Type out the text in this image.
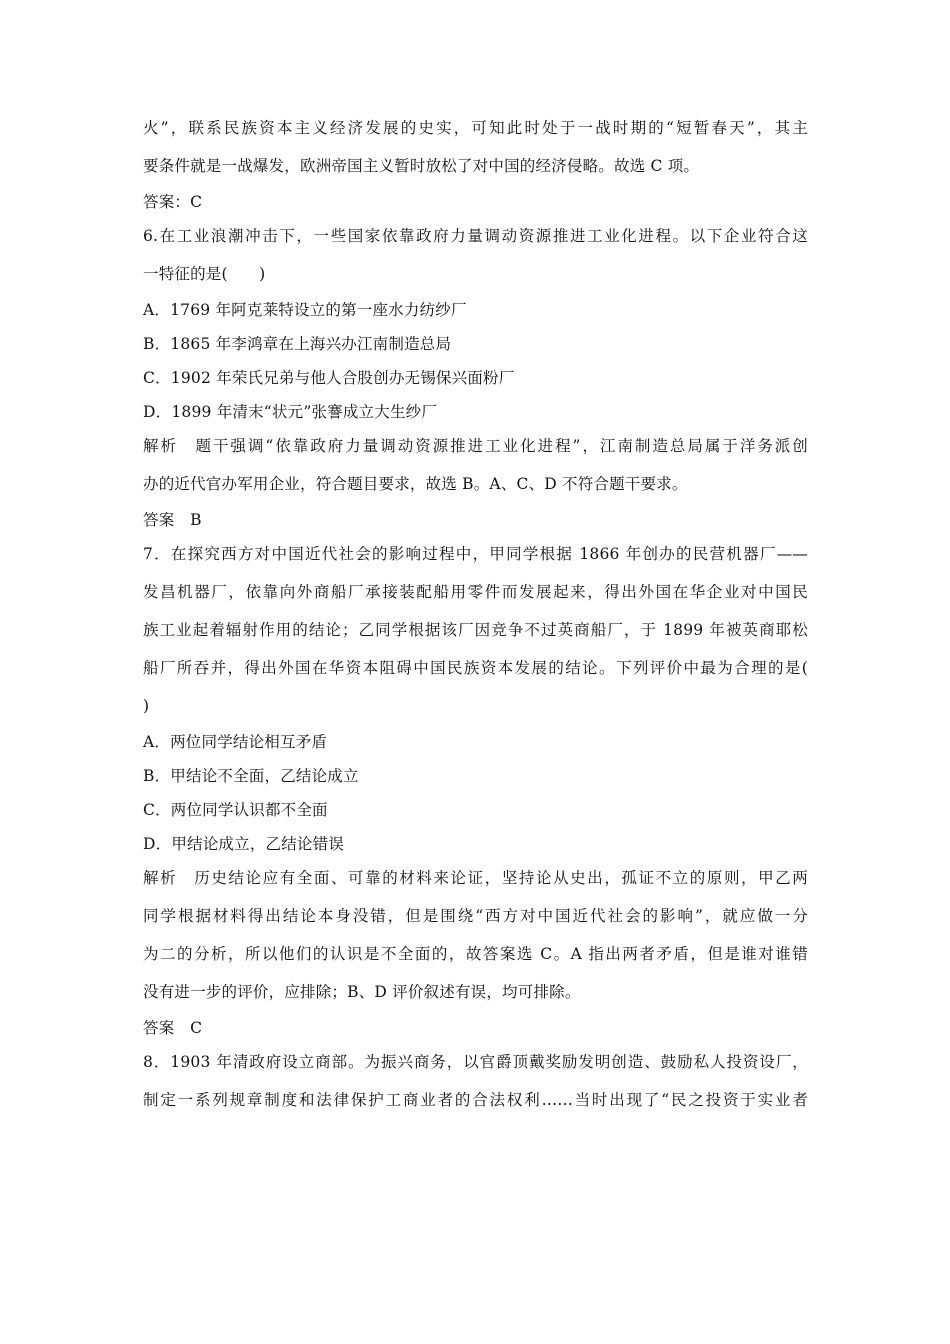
火”，联系民族资本主义经济发展的史实，可知此时处于一战时期的“短暂春天”，其主
要条件就是一战爆发，欧洲帝国主义暂时放松了对中国的经济侵略。故选 C 项。
答案：C
6.在工业浪潮冲击下，一些国家依靠政府力量调动资源推进工业化进程。以下企业符合这
一特征的是(　　)
A．1769 年阿克莱特设立的第一座水力纺纱厂
B．1865 年李鸿章在上海兴办江南制造总局
C．1902 年荣氏兄弟与他人合股创办无锡保兴面粉厂
D．1899 年清末“状元”张謇成立大生纱厂
解析　题干强调“依靠政府力量调动资源推进工业化进程”，江南制造总局属于洋务派创
办的近代官办军用企业，符合题目要求，故选 B。A、C、D 不符合题干要求。
答案　B
7．在探究西方对中国近代社会的影响过程中，甲同学根据 1866 年创办的民营机器厂——
发昌机器厂，依靠向外商船厂承接装配船用零件而发展起来，得出外国在华企业对中国民
族工业起着辐射作用的结论；乙同学根据该厂因竞争不过英商船厂，于 1899 年被英商耶松
船厂所吞并，得出外国在华资本阻碍中国民族资本发展的结论。下列评价中最为合理的是(
)
A．两位同学结论相互矛盾
B．甲结论不全面，乙结论成立
C．两位同学认识都不全面
D．甲结论成立，乙结论错误
解析　历史结论应有全面、可靠的材料来论证，坚持论从史出，孤证不立的原则，甲乙两
同学根据材料得出结论本身没错，但是围绕“西方对中国近代社会的影响”，就应做一分
为二的分析，所以他们的认识是不全面的，故答案选 C。A 指出两者矛盾，但是谁对谁错
没有进一步的评价，应排除；B、D 评价叙述有误，均可排除。
答案　C
8．1903 年清政府设立商部。为振兴商务，以官爵顶戴奖励发明创造、鼓励私人投资设厂，
制定一系列规章制度和法律保护工商业者的合法权利……当时出现了“民之投资于实业者
